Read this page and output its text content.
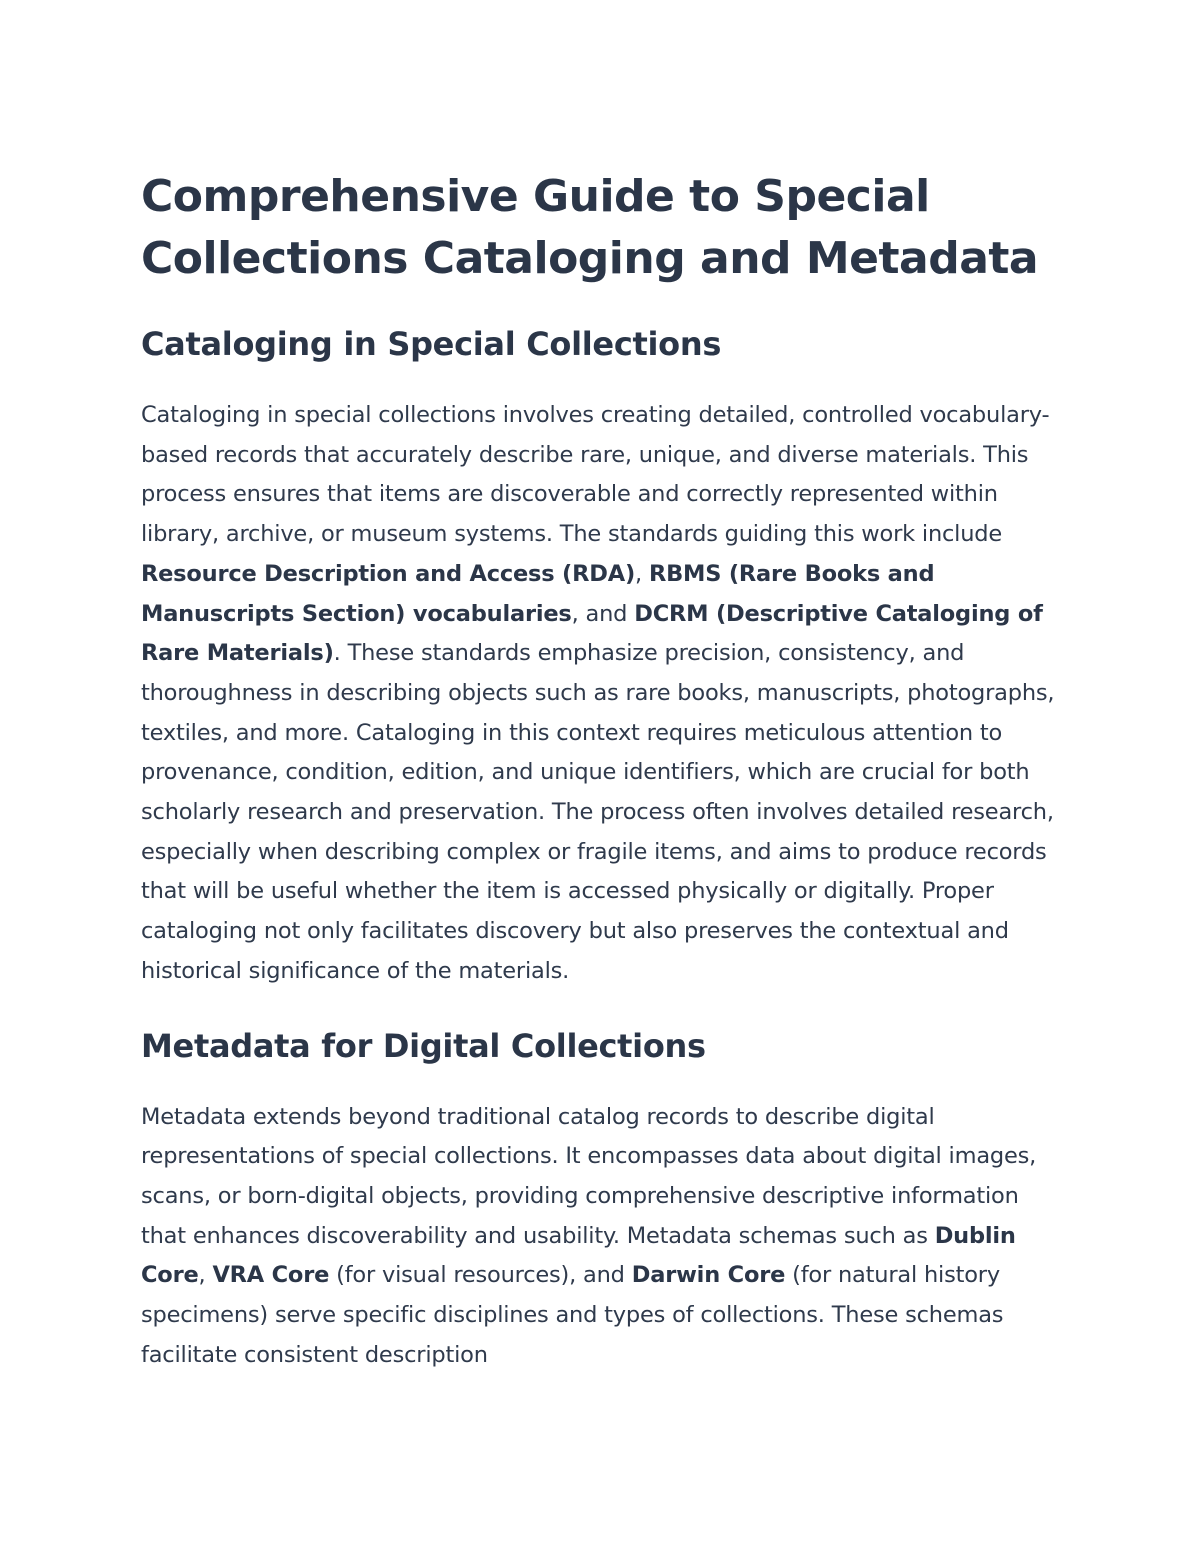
Comprehensive Guide to Special Collections Cataloging and Metadata
Cataloging in Special Collections

Cataloging in special collections involves creating detailed, controlled vocabulary-based records that accurately describe rare, unique, and diverse materials. This process ensures that items are discoverable and correctly represented within library, archive, or museum systems. The standards guiding this work include Resource Description and Access (RDA), RBMS (Rare Books and Manuscripts Section) vocabularies, and DCRM (Descriptive Cataloging of Rare Materials). These standards emphasize precision, consistency, and thoroughness in describing objects such as rare books, manuscripts, photographs, textiles, and more. Cataloging in this context requires meticulous attention to provenance, condition, edition, and unique identifiers, which are crucial for both scholarly research and preservation. The process often involves detailed research, especially when describing complex or fragile items, and aims to produce records that will be useful whether the item is accessed physically or digitally. Proper cataloging not only facilitates discovery but also preserves the contextual and historical significance of the materials.

Metadata for Digital Collections

Metadata extends beyond traditional catalog records to describe digital representations of special collections. It encompasses data about digital images, scans, or born-digital objects, providing comprehensive descriptive information that enhances discoverability and usability. Metadata schemas such as Dublin Core, VRA Core (for visual resources), and Darwin Core (for natural history specimens) serve specific disciplines and types of collections. These schemas facilitate consistent description
